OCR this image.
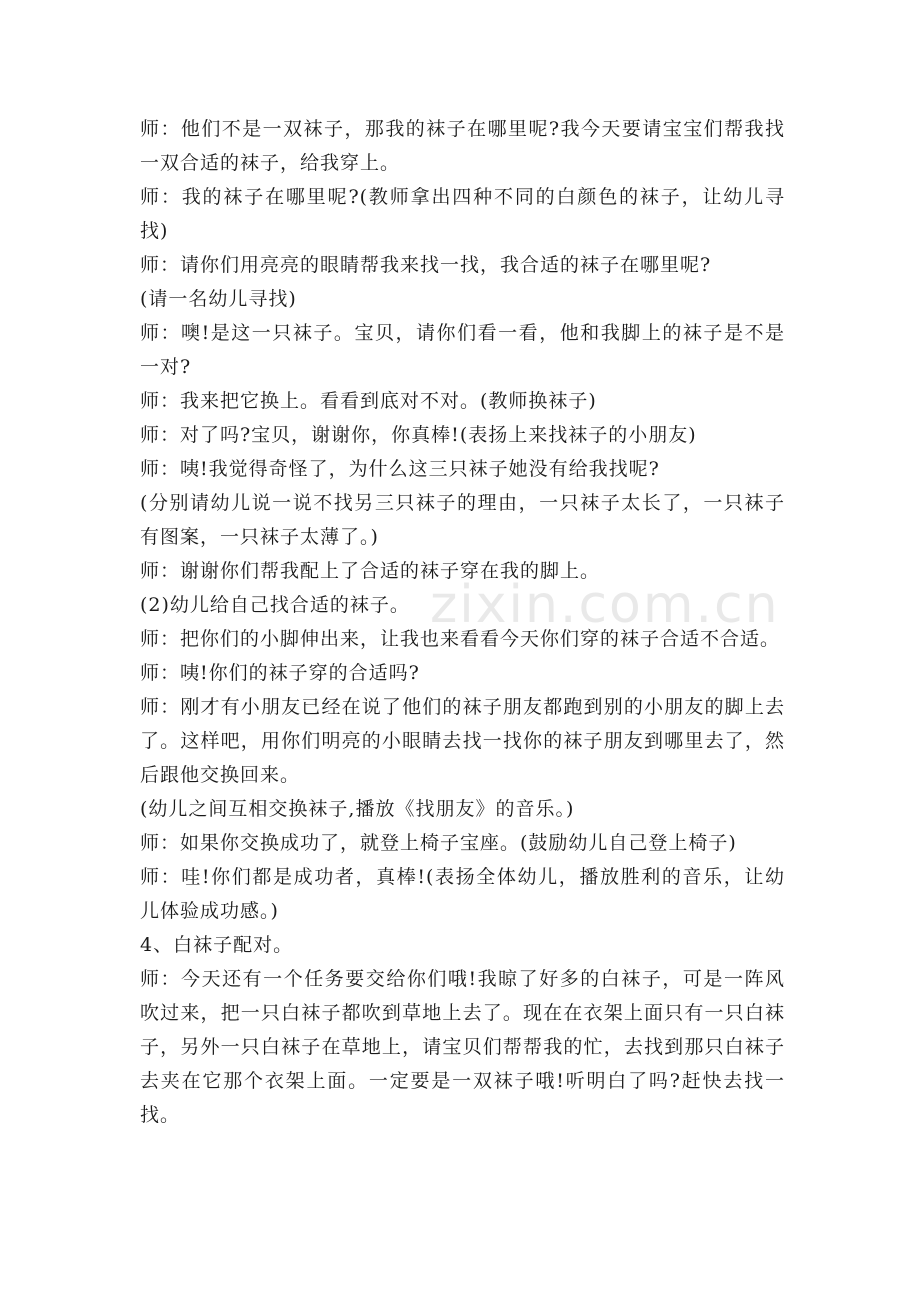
zixin.com.cn

师：他们不是一双袜子，那我的袜子在哪里呢?我今天要请宝宝们帮我找一双合适的袜子，给我穿上。

师：我的袜子在哪里呢?(教师拿出四种不同的白颜色的袜子，让幼儿寻找)

师：请你们用亮亮的眼睛帮我来找一找，我合适的袜子在哪里呢?

(请一名幼儿寻找)

师：噢!是这一只袜子。宝贝，请你们看一看，他和我脚上的袜子是不是一对?

师：我来把它换上。看看到底对不对。(教师换袜子)

师：对了吗?宝贝，谢谢你，你真棒!(表扬上来找袜子的小朋友)

师：咦!我觉得奇怪了，为什么这三只袜子她没有给我找呢?

(分别请幼儿说一说不找另三只袜子的理由，一只袜子太长了，一只袜子有图案，一只袜子太薄了。)

师：谢谢你们帮我配上了合适的袜子穿在我的脚上。

(2)幼儿给自己找合适的袜子。

师：把你们的小脚伸出来，让我也来看看今天你们穿的袜子合适不合适。

师：咦!你们的袜子穿的合适吗?

师：刚才有小朋友已经在说了他们的袜子朋友都跑到别的小朋友的脚上去了。这样吧，用你们明亮的小眼睛去找一找你的袜子朋友到哪里去了，然后跟他交换回来。

(幼儿之间互相交换袜子,播放《找朋友》的音乐。)

师：如果你交换成功了，就登上椅子宝座。(鼓励幼儿自己登上椅子)

师：哇!你们都是成功者，真棒!(表扬全体幼儿，播放胜利的音乐，让幼儿体验成功感。)

4、白袜子配对。

师：今天还有一个任务要交给你们哦!我晾了好多的白袜子，可是一阵风吹过来，把一只白袜子都吹到草地上去了。现在在衣架上面只有一只白袜子，另外一只白袜子在草地上，请宝贝们帮帮我的忙，去找到那只白袜子去夹在它那个衣架上面。一定要是一双袜子哦!听明白了吗?赶快去找一找。
